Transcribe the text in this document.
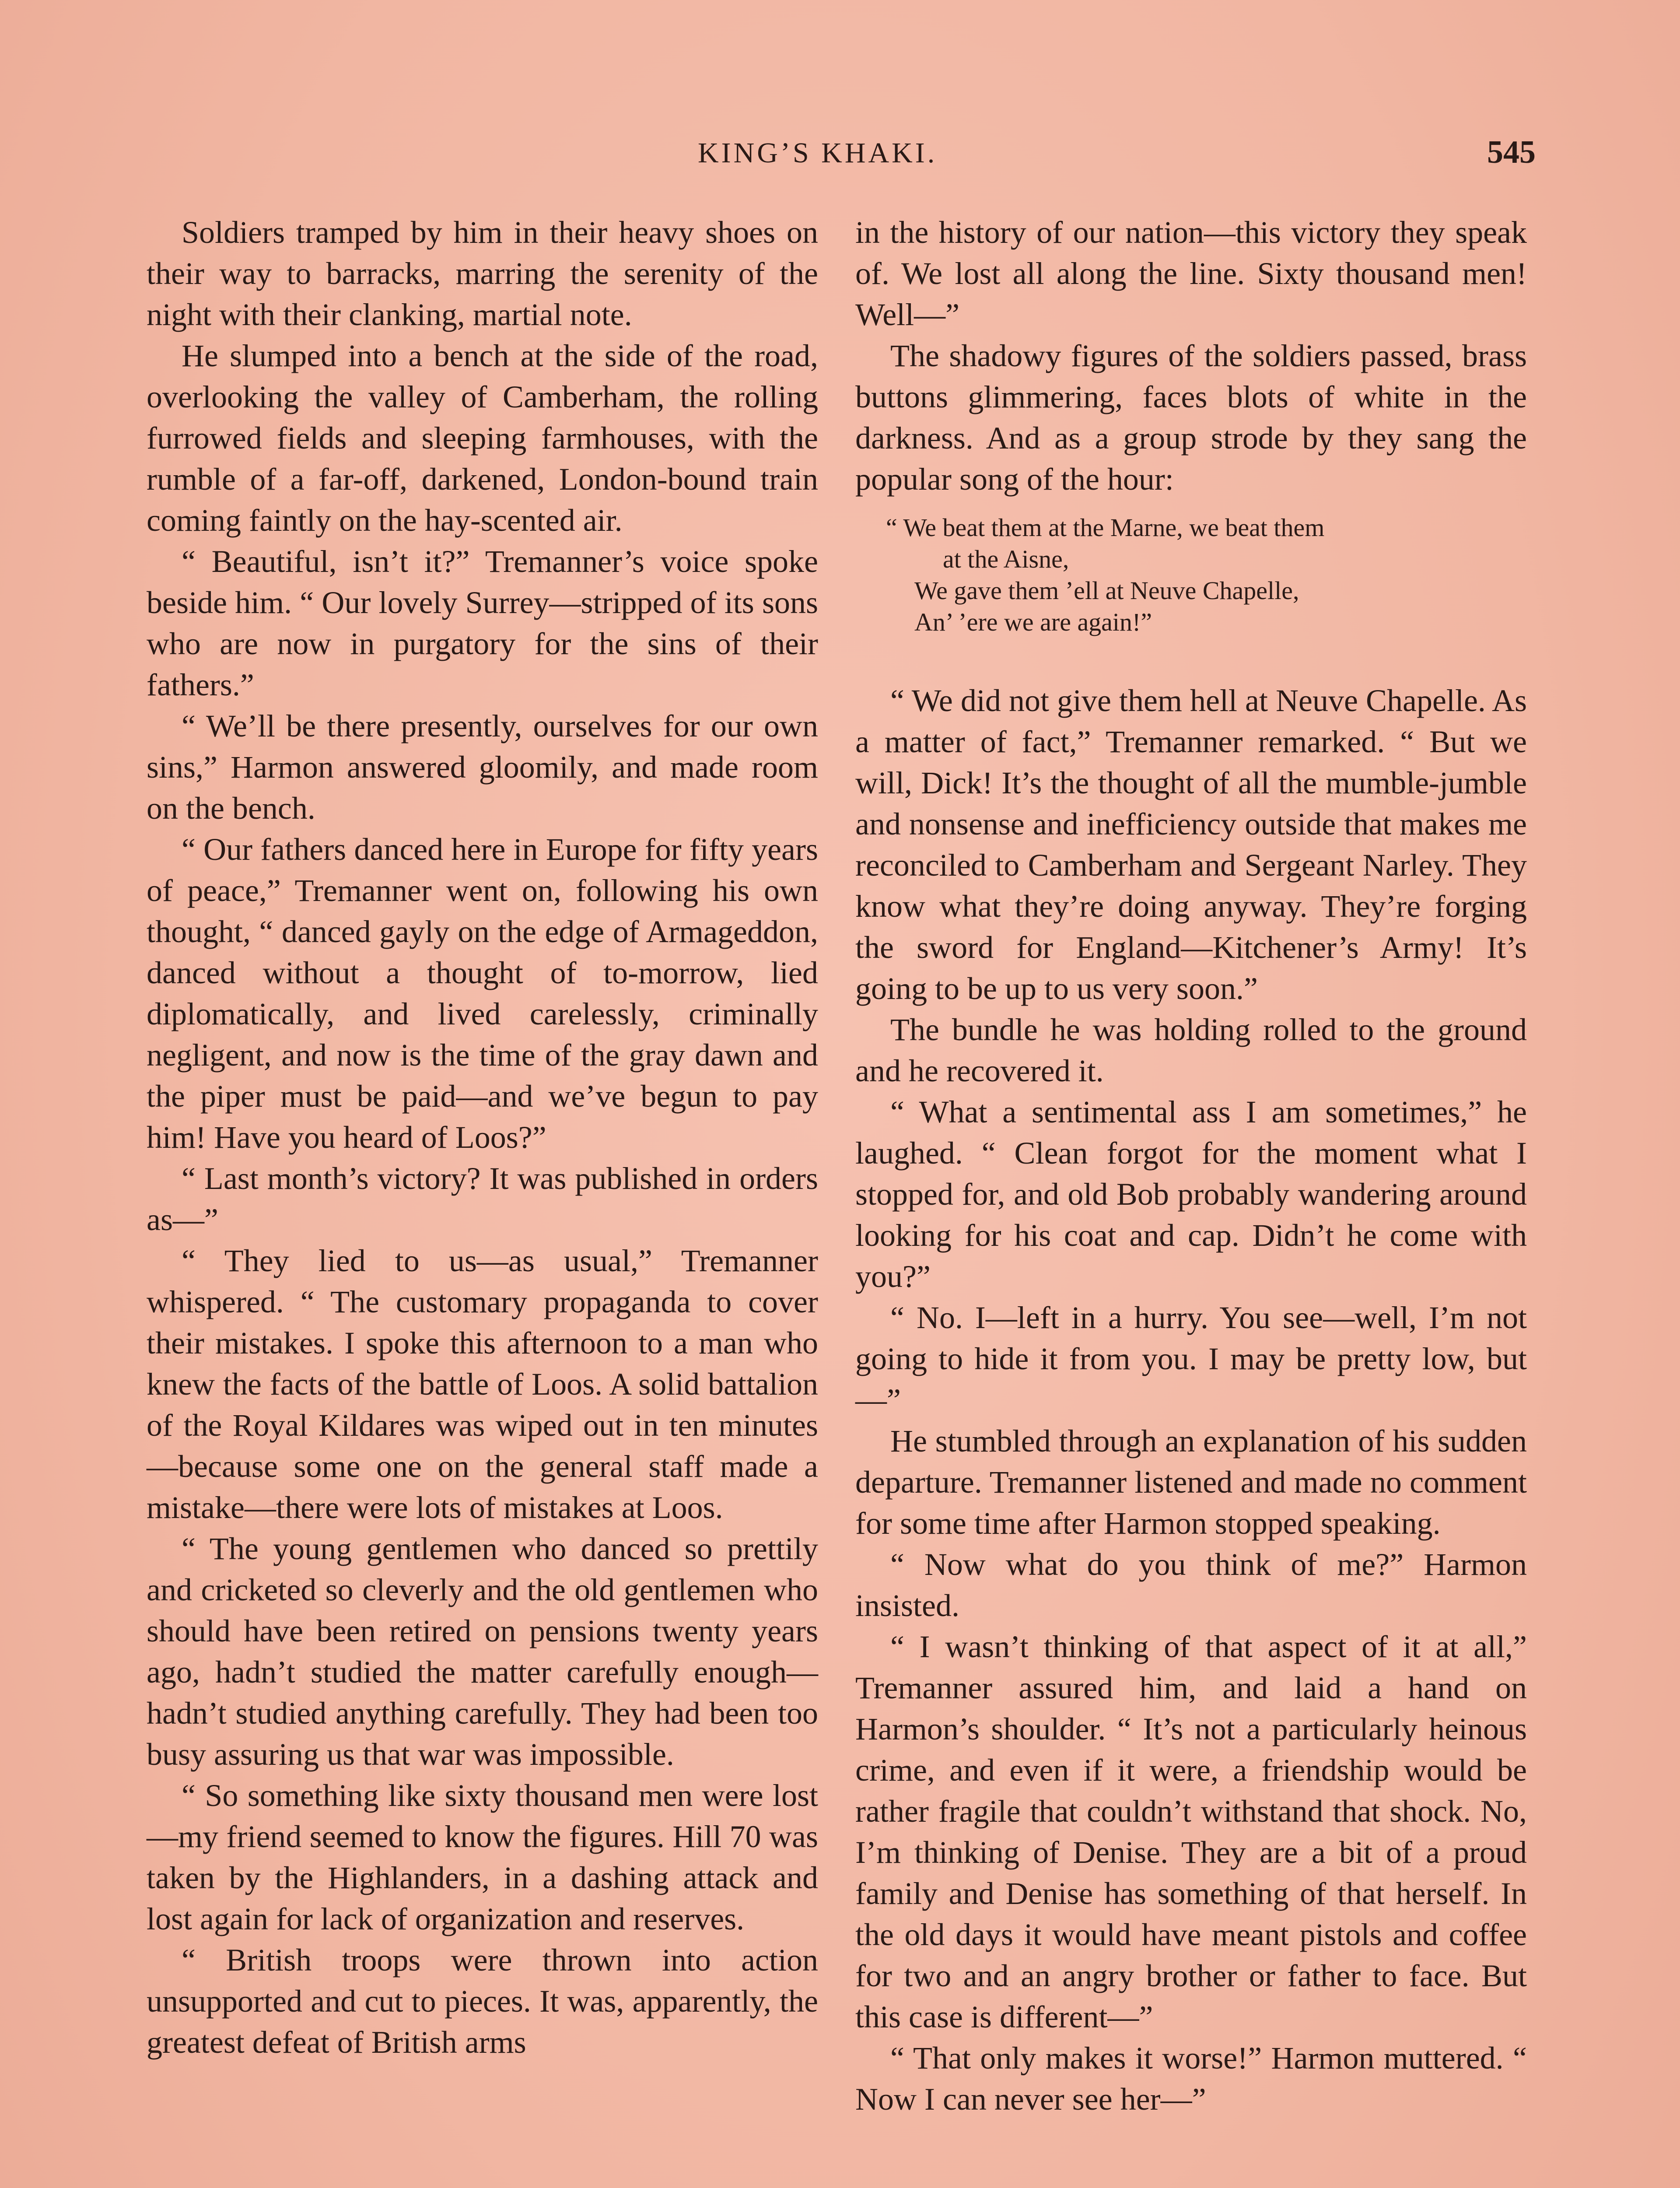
KING’S KHAKI.	545

Soldiers tramped by him in their heavy shoes on their way to barracks, marring the serenity of the night with their clanking, martial note.

He slumped into a bench at the side of the road, overlooking the valley of Camberham, the rolling furrowed fields and sleeping farmhouses, with the rumble of a far-off, darkened, London-bound train coming faintly on the hay-scented air.

“ Beautiful, isn’t it?” Tremanner’s voice spoke beside him. “ Our lovely Surrey—stripped of its sons who are now in purgatory for the sins of their fathers.”

“ We’ll be there presently, ourselves for our own sins,” Harmon answered gloomily, and made room on the bench.

“ Our fathers danced here in Europe for fifty years of peace,” Tremanner went on, following his own thought, “ danced gayly on the edge of Armageddon, danced without a thought of to-morrow, lied diplomatically, and lived carelessly, criminally negligent, and now is the time of the gray dawn and the piper must be paid—and we’ve begun to pay him! Have you heard of Loos?”

“ Last month’s victory? It was published in orders as—”

“ They lied to us—as usual,” Tremanner whispered. “ The customary propaganda to cover their mistakes. I spoke this afternoon to a man who knew the facts of the battle of Loos. A solid battalion of the Royal Kildares was wiped out in ten minutes—because some one on the general staff made a mistake—there were lots of mistakes at Loos.

“ The young gentlemen who danced so prettily and cricketed so cleverly and the old gentlemen who should have been retired on pensions twenty years ago, hadn’t studied the matter carefully enough—hadn’t studied anything carefully. They had been too busy assuring us that war was impossible.

“ So something like sixty thousand men were lost—my friend seemed to know the figures. Hill 70 was taken by the Highlanders, in a dashing attack and lost again for lack of organization and reserves.

“ British troops were thrown into action unsupported and cut to pieces. It was, apparently, the greatest defeat of British arms

in the history of our nation—this victory they speak of. We lost all along the line. Sixty thousand men! Well—”

The shadowy figures of the soldiers passed, brass buttons glimmering, faces blots of white in the darkness. And as a group strode by they sang the popular song of the hour:

“ We beat them at the Marne, we beat them
at the Aisne,
We gave them ’ell at Neuve Chapelle,
An’ ’ere we are again!”

“ We did not give them hell at Neuve Chapelle. As a matter of fact,” Tremanner remarked. “ But we will, Dick! It’s the thought of all the mumble-jumble and nonsense and inefficiency outside that makes me reconciled to Camberham and Sergeant Narley. They know what they’re doing anyway. They’re forging the sword for England—Kitchener’s Army! It’s going to be up to us very soon.”

The bundle he was holding rolled to the ground and he recovered it.

“ What a sentimental ass I am sometimes,” he laughed. “ Clean forgot for the moment what I stopped for, and old Bob probably wandering around looking for his coat and cap. Didn’t he come with you?”

“ No. I—left in a hurry. You see—well, I’m not going to hide it from you. I may be pretty low, but—”

He stumbled through an explanation of his sudden departure. Tremanner listened and made no comment for some time after Harmon stopped speaking.

“ Now what do you think of me?” Harmon insisted.

“ I wasn’t thinking of that aspect of it at all,” Tremanner assured him, and laid a hand on Harmon’s shoulder. “ It’s not a particularly heinous crime, and even if it were, a friendship would be rather fragile that couldn’t withstand that shock. No, I’m thinking of Denise. They are a bit of a proud family and Denise has something of that herself. In the old days it would have meant pistols and coffee for two and an angry brother or father to face. But this case is different—”

“ That only makes it worse!” Harmon muttered. “ Now I can never see her—”
